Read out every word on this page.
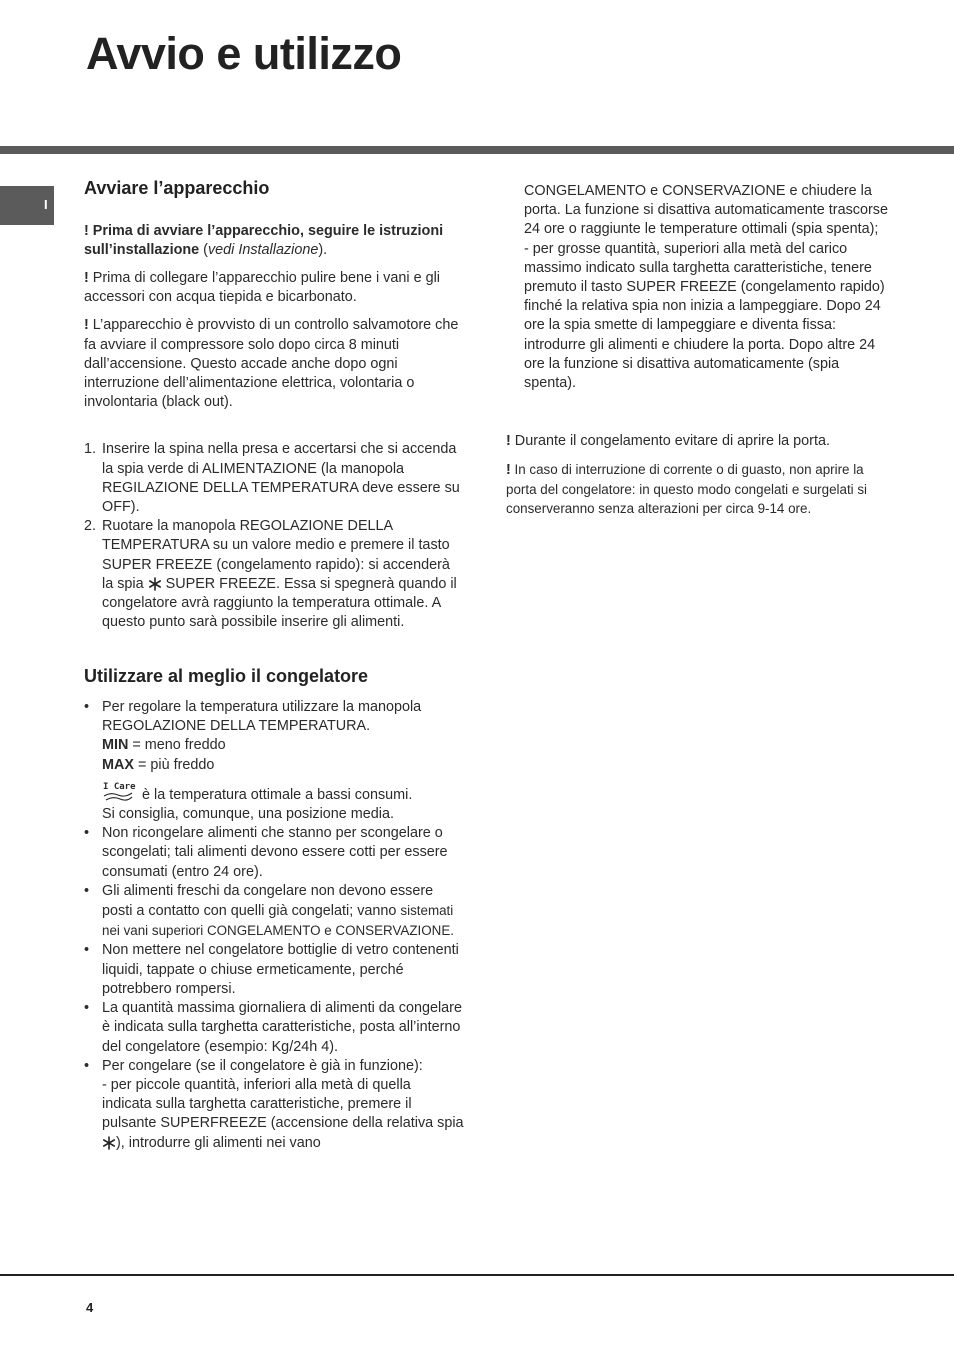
Avvio e utilizzo
I
Avviare l’apparecchio

! Prima di avviare l’apparecchio, seguire le istruzioni sull’installazione (vedi Installazione).

! Prima di collegare l’apparecchio pulire bene i vani e gli accessori con acqua tiepida e bicarbonato.

! L’apparecchio è provvisto di un controllo salvamotore che fa avviare il compressore solo dopo circa 8 minuti dall’accensione. Questo accade anche dopo ogni interruzione dell’alimentazione elettrica, volontaria o involontaria (black out).

1. Inserire la spina nella presa e accertarsi che si accenda la spia verde di ALIMENTAZIONE (la manopola REGILAZIONE DELLA TEMPERATURA deve essere su OFF).
2. Ruotare la manopola REGOLAZIONE DELLA TEMPERATURA su un valore medio e premere il tasto SUPER FREEZE (congelamento rapido): si accenderà la spia  SUPER FREEZE. Essa si spegnerà quando il congelatore avrà raggiunto la temperatura ottimale. A questo punto sarà possibile inserire gli alimenti.
Utilizzare al meglio il congelatore
• Per regolare la temperatura utilizzare la manopola REGOLAZIONE DELLA TEMPERATURA.
MIN = meno freddo
MAX = più freddo
I Care è la temperatura ottimale a bassi consumi.
Si consiglia, comunque, una posizione media.
• Non ricongelare alimenti che stanno per scongelare o scongelati; tali alimenti devono essere cotti per essere consumati (entro 24 ore).
• Gli alimenti freschi da congelare non devono essere posti a contatto con quelli già congelati; vanno sistemati nei vani superiori CONGELAMENTO e CONSERVAZIONE.
• Non mettere nel congelatore bottiglie di vetro contenenti liquidi, tappate o chiuse ermeticamente, perché potrebbero rompersi.
• La quantità massima giornaliera di alimenti da congelare è indicata sulla targhetta caratteristiche, posta all’interno del congelatore (esempio: Kg/24h 4).
• Per congelare (se il congelatore è già in funzione):
- per piccole quantità, inferiori alla metà di quella indicata sulla targhetta caratteristiche, premere il pulsante SUPERFREEZE (accensione della relativa spia ), introdurre gli alimenti nei vano

CONGELAMENTO e CONSERVAZIONE e chiudere la porta. La funzione si disattiva automaticamente trascorse 24 ore o raggiunte le temperature ottimali (spia spenta);

- per grosse quantità, superiori alla metà del carico massimo indicato sulla targhetta caratteristiche, tenere premuto il tasto SUPER FREEZE (congelamento rapido) finché la relativa spia non inizia a lampeggiare. Dopo 24 ore la spia smette di lampeggiare e diventa fissa: introdurre gli alimenti e chiudere la porta. Dopo altre 24 ore la funzione si disattiva automaticamente (spia spenta).

! Durante il congelamento evitare di aprire la porta.

! In caso di interruzione di corrente o di guasto, non aprire la porta del congelatore: in questo modo congelati e surgelati si conserveranno senza alterazioni per circa 9-14 ore.

4
